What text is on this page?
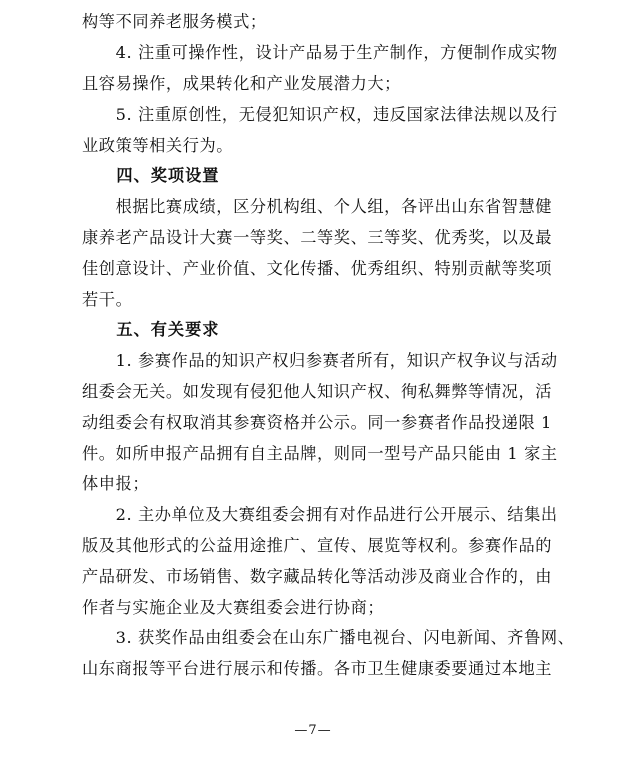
构等不同养老服务模式；
　　4. 注重可操作性，设计产品易于生产制作，方便制作成实物
且容易操作，成果转化和产业发展潜力大；
　　5. 注重原创性，无侵犯知识产权，违反国家法律法规以及行
业政策等相关行为。
　　四、奖项设置
　　根据比赛成绩，区分机构组、个人组，各评出山东省智慧健
康养老产品设计大赛一等奖、二等奖、三等奖、优秀奖，以及最
佳创意设计、产业价值、文化传播、优秀组织、特别贡献等奖项
若干。
　　五、有关要求
　　1. 参赛作品的知识产权归参赛者所有，知识产权争议与活动
组委会无关。如发现有侵犯他人知识产权、徇私舞弊等情况，活
动组委会有权取消其参赛资格并公示。同一参赛者作品投递限 1
件。如所申报产品拥有自主品牌，则同一型号产品只能由 1 家主
体申报；
　　2. 主办单位及大赛组委会拥有对作品进行公开展示、结集出
版及其他形式的公益用途推广、宣传、展览等权利。参赛作品的
产品研发、市场销售、数字藏品转化等活动涉及商业合作的，由
作者与实施企业及大赛组委会进行协商；
　　3. 获奖作品由组委会在山东广播电视台、闪电新闻、齐鲁网、
山东商报等平台进行展示和传播。各市卫生健康委要通过本地主
—7—
